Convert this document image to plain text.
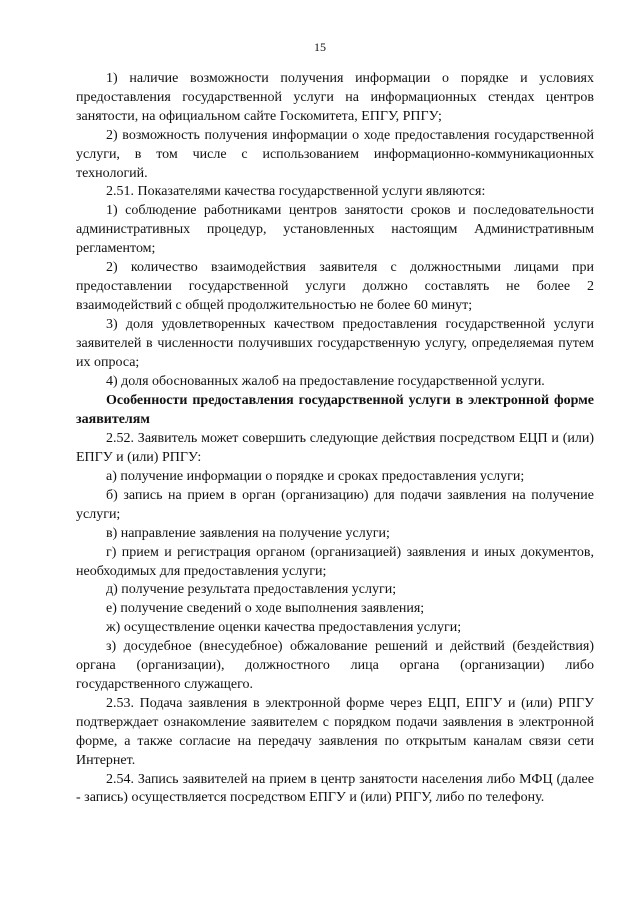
15

1) наличие возможности получения информации о порядке и условиях предоставления государственной услуги на информационных стендах центров занятости, на официальном сайте Госкомитета, ЕПГУ, РПГУ;

2) возможность получения информации о ходе предоставления государственной услуги, в том числе с использованием информационно-коммуникационных технологий.

2.51. Показателями качества государственной услуги являются:

1) соблюдение работниками центров занятости сроков и последовательности административных процедур, установленных настоящим Административным регламентом;

2) количество взаимодействия заявителя с должностными лицами при предоставлении государственной услуги должно составлять не более 2 взаимодействий с общей продолжительностью не более 60 минут;

3) доля удовлетворенных качеством предоставления государственной услуги заявителей в численности получивших государственную услугу, определяемая путем их опроса;

4) доля обоснованных жалоб на предоставление государственной услуги.

Особенности предоставления государственной услуги в электронной форме заявителям

2.52. Заявитель может совершить следующие действия посредством ЕЦП и (или) ЕПГУ и (или) РПГУ:

а) получение информации о порядке и сроках предоставления услуги;

б) запись на прием в орган (организацию) для подачи заявления на получение услуги;

в) направление заявления на получение услуги;

г) прием и регистрация органом (организацией) заявления и иных документов, необходимых для предоставления услуги;

д) получение результата предоставления услуги;

е) получение сведений о ходе выполнения заявления;

ж) осуществление оценки качества предоставления услуги;

з) досудебное (внесудебное) обжалование решений и действий (бездействия) органа (организации), должностного лица органа (организации) либо государственного служащего.

2.53. Подача заявления в электронной форме через ЕЦП, ЕПГУ и (или) РПГУ подтверждает ознакомление заявителем с порядком подачи заявления в электронной форме, а также согласие на передачу заявления по открытым каналам связи сети Интернет.

2.54. Запись заявителей на прием в центр занятости населения либо МФЦ (далее - запись) осуществляется посредством ЕПГУ и (или) РПГУ, либо по телефону.
